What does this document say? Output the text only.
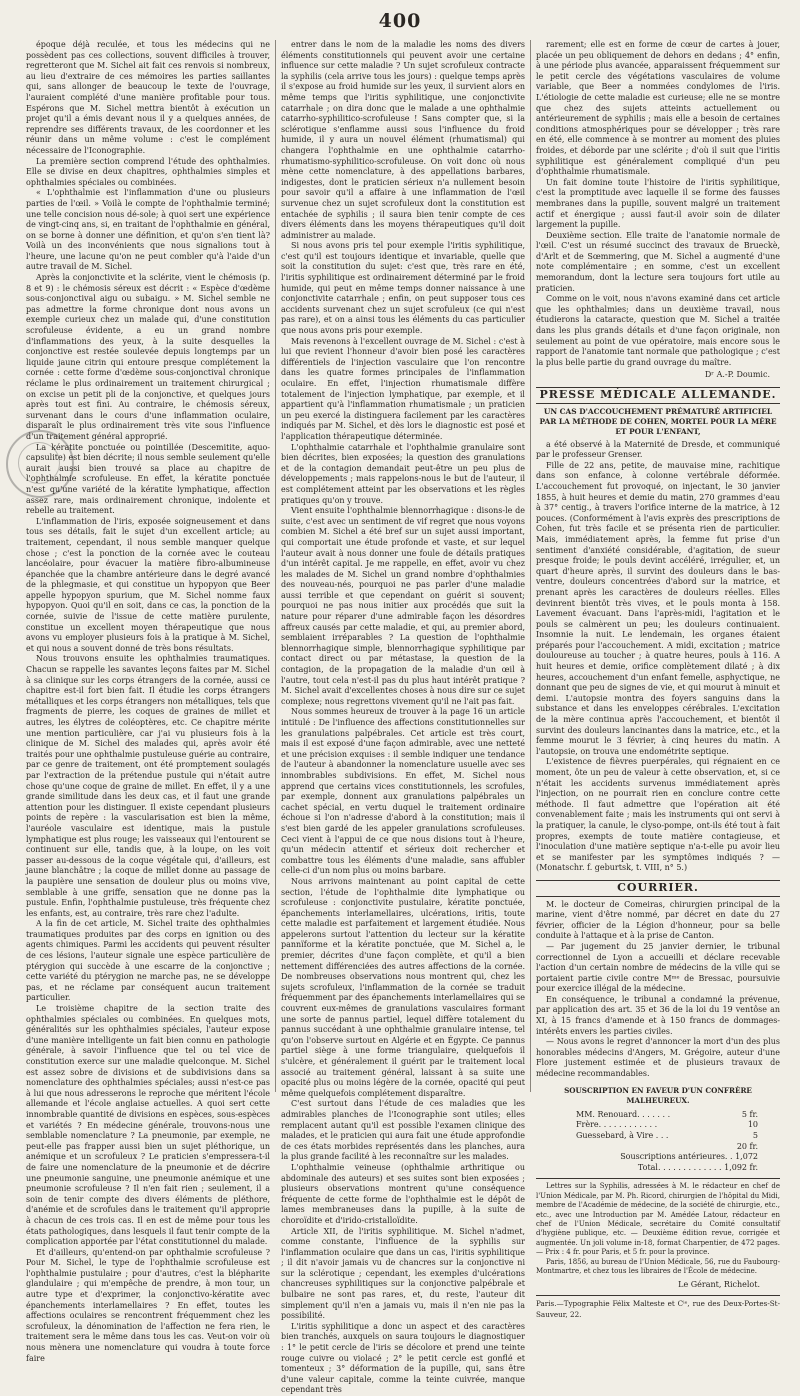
400

époque déjà reculée, et tous les médecins qui ne possèdent pas ces collections, souvent difficiles à trouver, regretteront que M. Sichel ait fait ces renvois si nombreux, au lieu d'extraire de ces mémoires les parties saillantes qui, sans allonger de beaucoup le texte de l'ouvrage, l'auraient complété d'une manière profitable pour tous. Espérons que M. Sichel mettra bientôt à exécution un projet qu'il a émis devant nous il y a quelques années, de reprendre ses différents travaux, de les coordonner et les réunir dans un même volume : c'est le complément nécessaire de l'Iconographie.

La première section comprend l'étude des ophthalmies. Elle se divise en deux chapitres, ophthalmies simples et ophthalmies spéciales ou combinées.

« L'ophthalmie est l'inflammation d'une ou plusieurs parties de l'œil. » Voilà le compte de l'ophthalmie terminé; une telle concision nous dé-sole; à quoi sert une expérience de vingt-cinq ans, si, en traitant de l'ophthalmie en général, on se borne à donner une définition, et qu'on s'en tient là? Voilà un des inconvénients que nous signalions tout à l'heure, une lacune qu'on ne peut combler qu'à l'aide d'un autre travail de M. Sichel.

Après la conjonctivite et la sclérite, vient le chémosis (p. 8 et 9) : le chémosis séreux est décrit : « Espèce d'œdème sous-conjonctival aigu ou subaigu. » M. Sichel semble ne pas admettre la forme chronique dont nous avons un exemple curieux chez un malade qui, d'une constitution scrofuleuse évidente, a eu un grand nombre d'inflammations des yeux, à la suite desquelles la conjonctive est restée soulevée depuis longtemps par un liquide jaune citrin qui entoure presque complétement la cornée : cette forme d'œdème sous-conjonctival chronique réclame le plus ordinairement un traitement chirurgical ; on excise un petit pli de la conjonctive, et quelques jours après tout est fini. Au contraire, le chémosis séreux, survenant dans le cours d'une inflammation oculaire, disparaît le plus ordinairement très vite sous l'influence d'un traitement général approprié.

La kératite ponctuée ou pointillée (Descemitite, aquo-capsulite) est bien décrite; il nous semble seulement qu'elle aurait aussi bien trouvé sa place au chapitre de l'ophthalmie scrofuleuse. En effet, la kératite ponctuée n'est qu'une variété de la kératite lymphatique, affection assez rare, mais ordinairement chronique, indolente et rebelle au traitement.

L'inflammation de l'iris, exposée soigneusement et dans tous ses détails, fait le sujet d'un excellent article; au traitement, cependant, il nous semble manquer quelque chose ; c'est la ponction de la cornée avec le couteau lancéolaire, pour évacuer la matière fibro-albumineuse épanchée que la chambre antérieure dans le degré avancé de la phlegmasie, et qui constitue un hypopyon que Beer appelle hypopyon spurium, que M. Sichel nomme faux hypopyon. Quoi qu'il en soit, dans ce cas, la ponction de la cornée, suivie de l'issue de cette matière purulente, constitue un excellent moyen thérapeutique que nous avons vu employer plusieurs fois à la pratique à M. Sichel, et qui nous a souvent donné de très bons résultats.

Nous trouvons ensuite les ophthalmies traumatiques. Chacun se rappelle les savantes leçons faites par M. Sichel à sa clinique sur les corps étrangers de la cornée, aussi ce chapitre est-il fort bien fait. Il étudie les corps étrangers métalliques et les corps étrangers non métalliques, tels que fragments de pierre, les coques de graines de millet et autres, les élytres de coléoptères, etc. Ce chapitre mérite une mention particulière, car j'ai vu plusieurs fois à la clinique de M. Sichel des malades qui, après avoir été traités pour une ophthalmie pustuleuse guérie au contraire, par ce genre de traitement, ont été promptement soulagés par l'extraction de la prétendue pustule qui n'était autre chose qu'une coque de graine de millet. En effet, il y a une grande similitude dans les deux cas, et il faut une grande attention pour les distinguer. Il existe cependant plusieurs points de repère : la vascularisation est bien la même, l'auréole vasculaire est identique, mais la pustule lymphatique est plus rouge; les vaisseaux qui l'entourent se continuent sur elle, tandis que, à la loupe, on les voit passer au-dessous de la coque végétale qui, d'ailleurs, est jaune blanchâtre ; la coque de millet donne au passage de la paupière une sensation de douleur plus ou moins vive, semblable à une griffe, sensation que ne donne pas la pustule. Enfin, l'ophthalmie pustuleuse, très fréquente chez les enfants, est, au contraire, très rare chez l'adulte.

A la fin de cet article, M. Sichel traite des ophthalmies traumatiques produites par des corps en ignition ou des agents chimiques. Parmi les accidents qui peuvent résulter de ces lésions, l'auteur signale une espèce particulière de ptérygion qui succède à une escarre de la conjonctive ; cette variété du ptérygion ne marche pas, ne se développe pas, et ne réclame par conséquent aucun traitement particulier.

Le troisième chapitre de la section traite des ophthalmies spéciales ou combinées. En quelques mots, généralités sur les ophthalmies spéciales, l'auteur expose d'une manière intelligente un fait bien connu en pathologie générale, à savoir l'influence que tel ou tel vice de constitution exerce sur une maladie quelconque. M. Sichel est assez sobre de divisions et de subdivisions dans sa nomenclature des ophthalmies spéciales; aussi n'est-ce pas à lui que nous adresserons le reproche que méritent l'école allemande et l'école anglaise actuelles. A quoi sert cette innombrable quantité de divisions en espèces, sous-espèces et variétés ? En médecine générale, trouvons-nous une semblable nomenclature ? La pneumonie, par exemple, ne peut-elle pas frapper aussi bien un sujet pléthorique, un anémique et un scrofuleux ? Le praticien s'empressera-t-il de faire une nomenclature de la pneumonie et de décrire une pneumonie sanguine, une pneumonie anémique et une pneumonie scrofuleuse ? Il n'en fait rien ; seulement, il a soin de tenir compte des divers éléments de pléthore, d'anémie et de scrofules dans le traitement qu'il approprie à chacun de ces trois cas. Il en est de même pour tous les états pathologiques, dans lesquels il faut tenir compte de la complication apportée par l'état constitutionnel du malade.

Et d'ailleurs, qu'entend-on par ophthalmie scrofuleuse ? Pour M. Sichel, le type de l'ophthalmie scrofuleuse est l'ophthalmie pustulaire ; pour d'autres, c'est la blépharite glandulaire ; qui m'empêche de prendre, à mon tour, un autre type et d'exprimer, la conjonctivo-kératite avec épanchements interlamellaires ? En effet, toutes les affections oculaires se rencontrent fréquemment chez les scrofuleux, la dénomination de l'affection ne fera rien, le traitement sera le même dans tous les cas. Veut-on voir où nous mènera une nomenclature qui voudra à toute force faire

entrer dans le nom de la maladie les noms des divers éléments constitutionnels qui peuvent avoir une certaine influence sur cette maladie ? Un sujet scrofuleux contracte la syphilis (cela arrive tous les jours) : quelque temps après il s'expose au froid humide sur les yeux, il survient alors en même temps que l'iritis syphilitique, une conjonctivite catarrhale ; on dira donc que le malade a une ophthalmie catarrho-syphilitico-scrofuleuse ! Sans compter que, si la sclérotique s'enflamme aussi sous l'influence du froid humide, il y aura un nouvel élément (rhumatismal) qui changera l'ophthalmie en une ophthalmie catarrho-rhumatismo-syphilitico-scrofuleuse. On voit donc où nous mène cette nomenclature, à des appellations barbares, indigestes, dont le praticien sérieux n'a nullement besoin pour savoir qu'il a affaire à une inflammation de l'œil survenue chez un sujet scrofuleux dont la constitution est entachée de syphilis ; il saura bien tenir compte de ces divers éléments dans les moyens thérapeutiques qu'il doit administrer au malade.

Si nous avons pris tel pour exemple l'iritis syphilitique, c'est qu'il est toujours identique et invariable, quelle que soit la constitution du sujet: c'est que, très rare en été, l'iritis syphilitique est ordinairement déterminé par le froid humide, qui peut en même temps donner naissance à une conjonctivite catarrhale ; enfin, on peut supposer tous ces accidents survenant chez un sujet scrofuleux (ce qui n'est pas rare), et on a ainsi tous les éléments du cas particulier que nous avons pris pour exemple.

Mais revenons à l'excellent ouvrage de M. Sichel : c'est à lui que revient l'honneur d'avoir bien posé les caractères différentiels de l'injection vasculaire que l'on rencontre dans les quatre formes principales de l'inflammation oculaire. En effet, l'injection rhumatismale diffère totalement de l'injection lymphatique, par exemple, et il appartient qu'à l'inflammation rhumatismale ; un praticien un peu exercé la distinguera facilement par les caractères indiqués par M. Sichel, et dès lors le diagnostic est posé et l'application thérapeutique déterminée.

L'ophthalmie catarrhale et l'ophthalmie granulaire sont bien décrites, bien exposées; la question des granulations et de la contagion demandait peut-être un peu plus de développements ; mais rappelons-nous le but de l'auteur, il est complétement atteint par les observations et les règles pratiques qu'on y trouve.

Vient ensuite l'ophthalmie blennorrhagique : disons-le de suite, c'est avec un sentiment de vif regret que nous voyons combien M. Sichel a été bref sur un sujet aussi important, qui comportait une étude profonde et vaste, et sur lequel l'auteur avait à nous donner une foule de détails pratiques d'un intérêt capital. Je me rappelle, en effet, avoir vu chez les malades de M. Sichel un grand nombre d'ophthalmies des nouveau-nés, pourquoi ne pas parler d'une maladie aussi terrible et que cependant on guérit si souvent; pourquoi ne pas nous initier aux procédés que suit la nature pour réparer d'une admirable façon les désordres affreux causés par cette maladie, et qui, au premier abord, semblaient irréparables ? La question de l'ophthalmie blennorrhagique simple, blennorrhagique syphilitique par contact direct ou par métastase, la question de la contagion, de la propagation de la maladie d'un œil à l'autre, tout cela n'est-il pas du plus haut intérêt pratique ? M. Sichel avait d'excellentes choses à nous dire sur ce sujet complexe; nous regrettons vivement qu'il ne l'ait pas fait.

Nous sommes heureux de trouver à la page 16 un article intitulé : De l'influence des affections constitutionnelles sur les granulations palpébrales. Cet article est très court, mais il est exposé d'une façon admirable, avec une netteté et une précision exquises : il semble indiquer une tendance de l'auteur à abandonner la nomenclature usuelle avec ses innombrables subdivisions. En effet, M. Sichel nous apprend que certains vices constitutionnels, les scrofules, par exemple, donnent aux granulations palpébrales un cachet spécial, en vertu duquel le traitement ordinaire échoue si l'on n'adresse d'abord à la constitution; mais il s'est bien gardé de les appeler granulations scrofuleuses. Ceci vient à l'appui de ce que nous disions tout à l'heure, qu'un médecin attentif et sérieux doit rechercher et combattre tous les éléments d'une maladie, sans affubler celle-ci d'un nom plus ou moins barbare.

Nous arrivons maintenant au point capital de cette section, l'étude de l'ophthalmie dite lymphatique ou scrofuleuse : conjonctivite pustulaire, kératite ponctuée, épanchements interlamellaires, ulcérations, iritis, toute cette maladie est parfaitement et largement étudiée. Nous appelerons surtout l'attention du lecteur sur la kératite pannïforme et la kératite ponctuée, que M. Sichel a, le premier, décrites d'une façon complète, et qu'il a bien nettement différenciées des autres affections de la cornée. De nombreuses observations nous montrent qui, chez les sujets scrofuleux, l'inflammation de la cornée se traduit fréquemment par des épanchements interlamellaires qui se couvrent eux-mêmes de granulations vasculaires formant une sorte de pannus partiel, lequel diffère totalement du pannus succédant à une ophthalmie granulaire intense, tel qu'on l'observe surtout en Algérie et en Égypte. Ce pannus partiel siège à une forme triangulaire, quelquefois il s'ulcère, et généralement il guérit par le traitement local associé au traitement général, laissant à sa suite une opacité plus ou moins légère de la cornée, opacité qui peut même quelquefois complétement disparaître.

C'est surtout dans l'étude de ces maladies que les admirables planches de l'Iconographie sont utiles; elles remplacent autant qu'il est possible l'examen clinique des malades, et le praticien qui aura fait une étude approfondie de ces états morbides représentés dans les planches, aura la plus grande facilité à les reconnaître sur les malades.

L'ophthalmie veineuse (ophthalmie arthritique ou abdominale des auteurs) et ses suites sont bien exposées ; plusieurs observations montrent qu'une conséquence fréquente de cette forme de l'ophthalmie est le dépôt de lames membraneuses dans la pupille, à la suite de choroïdite et d'irido-cristalloïdite.

Article XII, de l'iritis syphilitique. M. Sichel n'admet, comme constante, l'influence de la syphilis sur l'inflammation oculaire que dans un cas, l'iritis syphilitique ; il dit n'avoir jamais vu de chancres sur la conjonctive ni sur la sclérotique ; cependant, les exemples d'ulcérations chancreuses syphilitiques sur la conjonctive palpébrale et bulbaire ne sont pas rares, et, du reste, l'auteur dit simplement qu'il n'en a jamais vu, mais il n'en nie pas la possibilité.

L'iritis syphilitique a donc un aspect et des caractères bien tranchés, auxquels on saura toujours le diagnostiquer : 1° le petit cercle de l'iris se décolore et prend une teinte rouge cuivre ou violacé ; 2° le petit cercle est gonflé et tomenteux ; 3° déformation de la pupille, qui, sans être d'une valeur capitale, comme la teinte cuivrée, manque cependant très

rarement; elle est en forme de cœur de cartes à jouer, placée un peu obliquement de dehors en dedans ; 4° enfin, à une période plus avancée, apparaissent fréquemment sur le petit cercle des végétations vasculaires de volume variable, que Beer a nommées condylomes de l'iris. L'étiologie de cette maladie est curieuse; elle ne se montre que chez des sujets atteints actuellement ou antérieurement de syphilis ; mais elle a besoin de certaines conditions atmosphériques pour se développer ; très rare en été, elle commence à se montrer au moment des pluies froides, et déborde par une sclérite ; d'où il suit que l'iritis syphilitique est généralement compliqué d'un peu d'ophthalmie rhumatismale.

Un fait domine toute l'histoire de l'iritis syphilitique, c'est la promptitude avec laquelle il se forme des fausses membranes dans la pupille, souvent malgré un traitement actif et énergique ; aussi faut-il avoir soin de dilater largement la pupille.

Deuxième section. Elle traite de l'anatomie normale de l'œil. C'est un résumé succinct des travaux de Brueckè, d'Arlt et de Sœmmering, que M. Sichel a augmenté d'une note complémentaire ; en somme, c'est un excellent memorandum, dont la lecture sera toujours fort utile au praticien.

Comme on le voit, nous n'avons examiné dans cet article que les ophthalmies; dans un deuxième travail, nous étudierons la cataracte, question que M. Sichel a traitée dans les plus grands détails et d'une façon originale, non seulement au point de vue opératoire, mais encore sous le rapport de l'anatomie tant normale que pathologique ; c'est la plus belle partie du grand ouvrage du maître.

Dʳ A.-P. Doumic.
PRESSE MÉDICALE ALLEMANDE.
UN CAS D'ACCOUCHEMENT PRÉMATURÉ ARTIFICIEL PAR LA MÉTHODE DE COHEN, MORTEL POUR LA MÈRE ET POUR L'ENFANT,

a été observé à la Maternité de Dresde, et communiqué par le professeur Grenser.

Fille de 22 ans, petite, de mauvaise mine, rachitique dans son enfance, à colonne vertébrale déformée. L'accouchement fut provoqué, on injectant, le 30 janvier 1855, à huit heures et demie du matin, 270 grammes d'eau à 37° centig., à travers l'orifice interne de la matrice, à 12 pouces. (Conformément à l'avis exprès des prescriptions de Cohen, fut très facile et se présenta rien de particulier. Mais, immédiatement après, la femme fut prise d'un sentiment d'anxiété considérable, d'agitation, de sueur presque froide; le pouls devint accéléré, irrégulier, et, un quart d'heure après, il survint des douleurs dans le bas-ventre, douleurs concentrées d'abord sur la matrice, et prenant après les caractères de douleurs réelles. Elles devinrent bientôt très vives, et le pouls monta à 158. Lavement évacuant. Dans l'après-midi, l'agitation et le pouls se calmèrent un peu; les douleurs continuaient. Insomnie la nuit. Le lendemain, les organes étaient préparés pour l'accouchement. A midi, excitation ; matrice douloureuse au toucher ; à quatre heures, pouls à 116. A huit heures et demie, orifice complètement dilaté ; à dix heures, accouchement d'un enfant femelle, asphyctique, ne donnant que peu de signes de vie, et qui mourut à minuit et demi. L'autopsie montra des foyers sanguins dans la substance et dans les enveloppes cérébrales. L'excitation de la mère continua après l'accouchement, et bientôt il survint des douleurs lancinantes dans la matrice, etc., et la femme mourut le 3 février, à cinq heures du matin. A l'autopsie, on trouva une endométrite septique.

L'existence de fièvres puerpérales, qui régnaient en ce moment, ôte un peu de valeur à cette observation, et, si ce n'était les accidents survenus immédiatement après l'injection, on ne pourrait rien en conclure contre cette méthode. Il faut admettre que l'opération ait été convenablement faite ; mais les instruments qui ont servi à la pratiquer, la canule, le clyso-pompe, ont-ils été tout à fait propres, exempts de toute matière contagieuse, et l'inoculation d'une matière septique n'a-t-elle pu avoir lieu et se manifester par les symptômes indiqués ? — (Monatschr. f. geburtsk, t. VIII, n° 5.)

COURRIER.

M. le docteur de Comeiras, chirurgien principal de la marine, vient d'être nommé, par décret en date du 27 février, officier de la Légion d'honneur, pour sa belle conduite à l'attaque et à la prise de Canton.

— Par jugement du 25 janvier dernier, le tribunal correctionnel de Lyon a accueilli et déclare recevable l'action d'un certain nombre de médecins de la ville qui se portaient partie civile contre Mᵐᵉ de Bressac, poursuivie pour exercice illégal de la médecine.

En conséquence, le tribunal a condamné la prévenue, par application des art. 35 et 36 de la loi du 19 ventôse an XI, à 15 francs d'amende et à 150 francs de dommages-intérêts envers les parties civiles.

— Nous avons le regret d'annoncer la mort d'un des plus honorables médecins d'Angers, M. Grégoire, auteur d'une Flore justement estimée et de plusieurs travaux de médecine recommandables.

SOUSCRIPTION EN FAVEUR D'UN CONFRÈRE MALHEUREUX.
MM. Renouard. . . . . . .	5 fr.
Frère. . . . . . . . . . . .	10
Guessebard, à Vire . . .	5
20 fr.
Souscriptions antérieures. . 1,072
Total. . . . . . . . . . . . . 1,092 fr.

Lettres sur la Syphilis, adressées à M. le rédacteur en chef de l'Union Médicale, par M. Ph. Ricord, chirurgien de l'hôpital du Midi, membre de l'Académie de médecine, de la société de chirurgie, etc., etc., avec une Introduction par M. Amédée Latour, rédacteur en chef de l'Union Médicale, secrétaire du Comité consultatif d'hygiène publique, etc. — Deuxième édition revue, corrigée et augmentée. Un joli volume in-18, format Charpentier, de 472 pages. — Prix : 4 fr. pour Paris, et 5 fr. pour la province.

Paris, 1856, au bureau de l'Union Médicale, 56, rue du Faubourg-Montmartre, et chez tous les libraires de l'École de médecine.

Le Gérant, Richelot.
Paris.—Typographie Félix Malteste et Cⁱᵉ, rue des Deux-Portes-St-Sauveur, 22.
